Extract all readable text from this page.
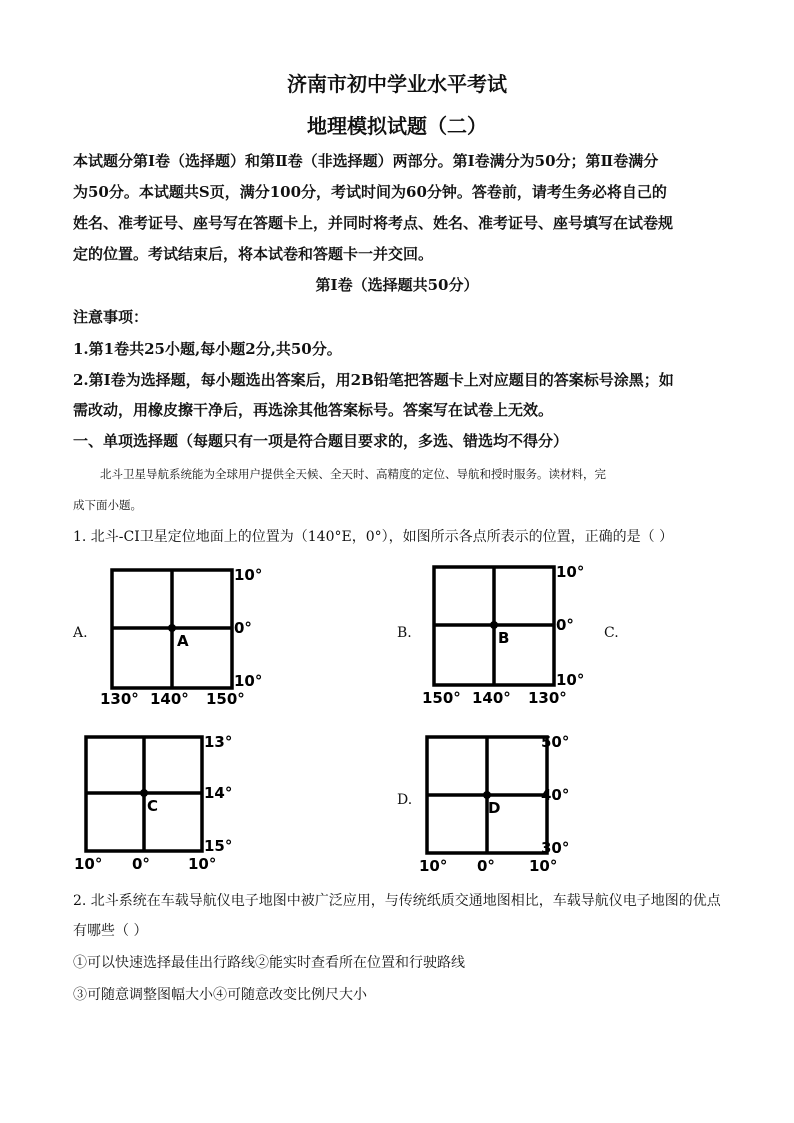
济南市初中学业水平考试
地理模拟试题（二）
本试题分第Ⅰ卷（选择题）和第Ⅱ卷（非选择题）两部分。第Ⅰ卷满分为50分；第Ⅱ卷满分
为50分。本试题共S页，满分100分，考试时间为60分钟。答卷前，请考生务必将自己的
姓名、准考证号、座号写在答题卡上，并同时将考点、姓名、准考证号、座号填写在试卷规
定的位置。考试结束后，将本试卷和答题卡一并交回。
第Ⅰ卷（选择题共50分）
注意事项：
1.第1卷共25小题,每小题2分,共50分。
2.第Ⅰ卷为选择题，每小题选出答案后，用2B铅笔把答题卡上对应题目的答案标号涂黑；如
需改动，用橡皮擦干净后，再选涂其他答案标号。答案写在试卷上无效。
一、单项选择题（每题只有一项是符合题目要求的，多选、错选均不得分）
北斗卫星导航系统能为全球用户提供全天候、全天时、高精度的定位、导航和授时服务。读材料，完
成下面小题。
1. 北斗-CI卫星定位地面上的位置为（140°E，0°），如图所示各点所表示的位置，正确的是（ ）
A.	A
10°
0°
10°
130° 140° 150°
B.	B
10°
0°
10°
150° 140° 130°
C.
C
13°
14°
15°
10° 0°	10°
D.	D
50°
40°
30°
10° 0° 10°
2. 北斗系统在车载导航仪电子地图中被广泛应用，与传统纸质交通地图相比，车载导航仪电子地图的优点
有哪些（ ）
①可以快速选择最佳出行路线②能实时查看所在位置和行驶路线
③可随意调整图幅大小④可随意改变比例尺大小
